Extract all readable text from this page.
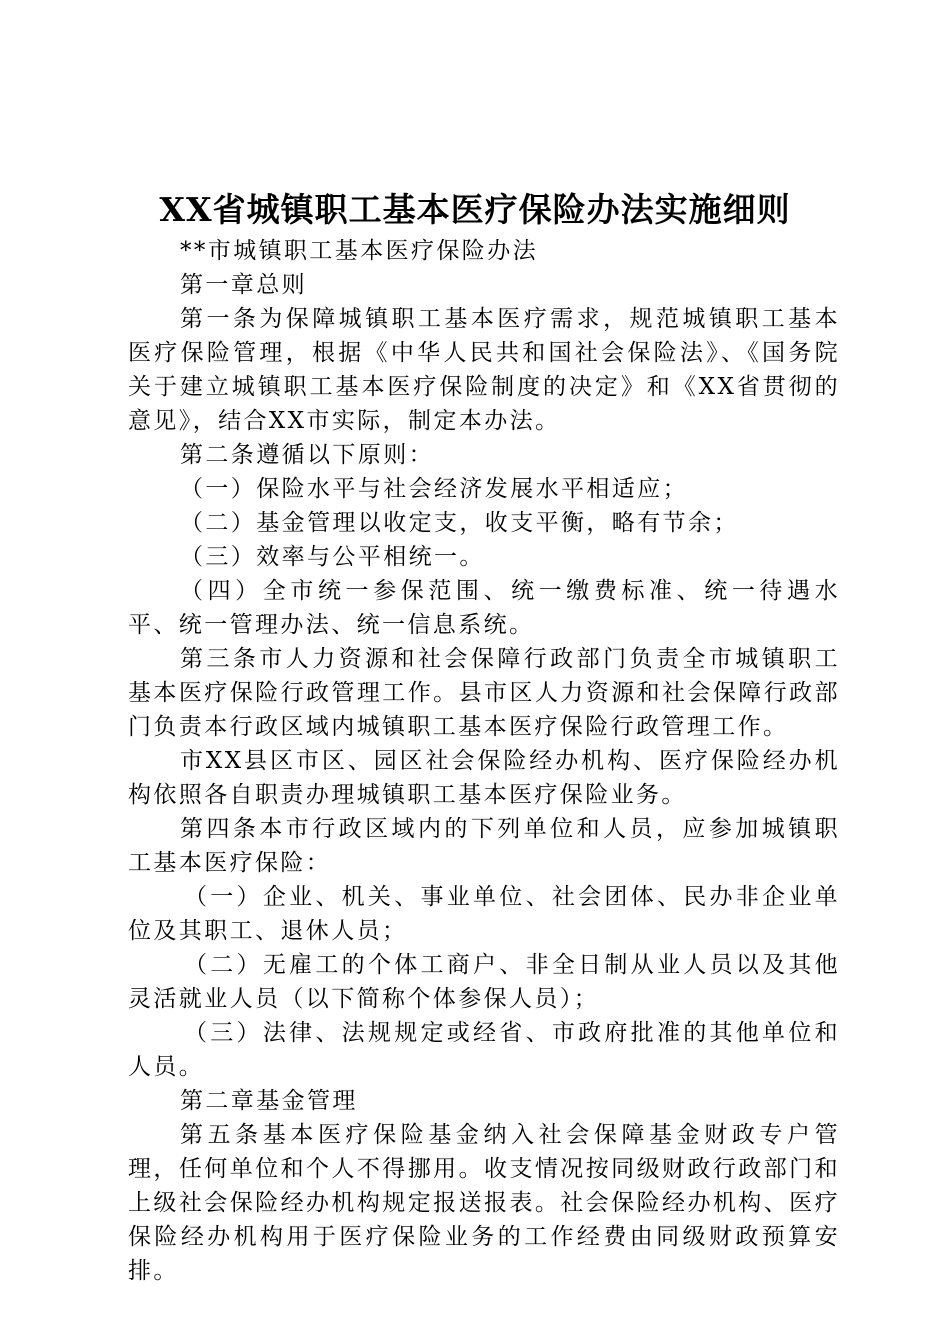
XX省城镇职工基本医疗保险办法实施细则

**市城镇职工基本医疗保险办法

第一章总则

第一条为保障城镇职工基本医疗需求，规范城镇职工基本医疗保险管理，根据《中华人民共和国社会保险法》、《国务院关于建立城镇职工基本医疗保险制度的决定》和《XX省贯彻的意见》，结合XX市实际，制定本办法。

第二条遵循以下原则：

（一）保险水平与社会经济发展水平相适应；

（二）基金管理以收定支，收支平衡，略有节余；

（三）效率与公平相统一。

（四）全市统一参保范围、统一缴费标准、统一待遇水平、统一管理办法、统一信息系统。

第三条市人力资源和社会保障行政部门负责全市城镇职工基本医疗保险行政管理工作。县市区人力资源和社会保障行政部门负责本行政区域内城镇职工基本医疗保险行政管理工作。

市XX县区市区、园区社会保险经办机构、医疗保险经办机构依照各自职责办理城镇职工基本医疗保险业务。

第四条本市行政区域内的下列单位和人员，应参加城镇职工基本医疗保险：

（一）企业、机关、事业单位、社会团体、民办非企业单位及其职工、退休人员；

（二）无雇工的个体工商户、非全日制从业人员以及其他灵活就业人员（以下简称个体参保人员）；

（三）法律、法规规定或经省、市政府批准的其他单位和人员。

第二章基金管理

第五条基本医疗保险基金纳入社会保障基金财政专户管理，任何单位和个人不得挪用。收支情况按同级财政行政部门和上级社会保险经办机构规定报送报表。社会保险经办机构、医疗保险经办机构用于医疗保险业务的工作经费由同级财政预算安排。
